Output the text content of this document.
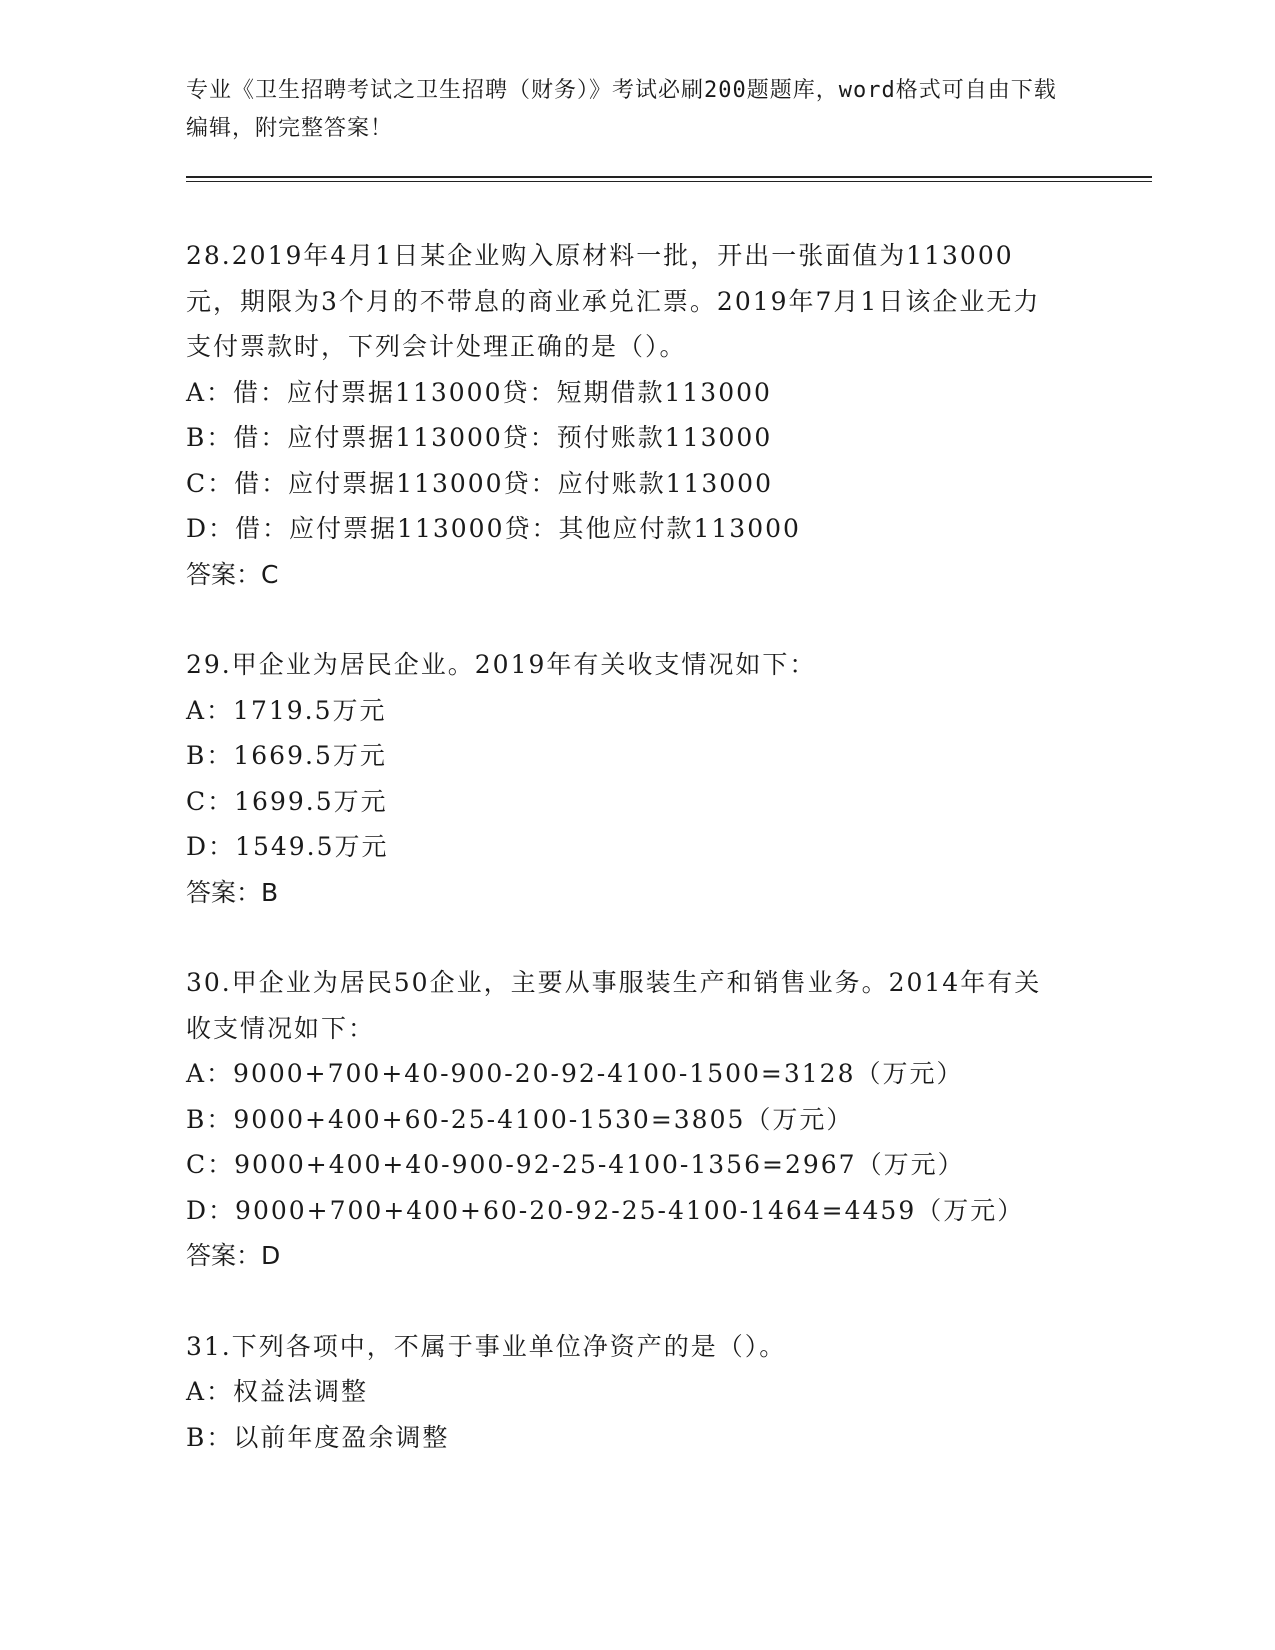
专业《卫生招聘考试之卫生招聘（财务）》考试必刷200题题库，word格式可自由下载编辑，附完整答案！

28.2019年4月1日某企业购入原材料一批，开出一张面值为113000元，期限为3个月的不带息的商业承兑汇票。2019年7月1日该企业无力支付票款时，下列会计处理正确的是（）。

A：借：应付票据113000贷：短期借款113000

B：借：应付票据113000贷：预付账款113000

C：借：应付票据113000贷：应付账款113000

D：借：应付票据113000贷：其他应付款113000

答案：C

29.甲企业为居民企业。2019年有关收支情况如下：

A：1719.5万元

B：1669.5万元

C：1699.5万元

D：1549.5万元

答案：B

30.甲企业为居民50企业，主要从事服装生产和销售业务。2014年有关收支情况如下：

A：9000+700+40-900-20-92-4100-1500=3128（万元）

B：9000+400+60-25-4100-1530=3805（万元）

C：9000+400+40-900-92-25-4100-1356=2967（万元）

D：9000+700+400+60-20-92-25-4100-1464=4459（万元）

答案：D

31.下列各项中，不属于事业单位净资产的是（）。

A：权益法调整

B：以前年度盈余调整
